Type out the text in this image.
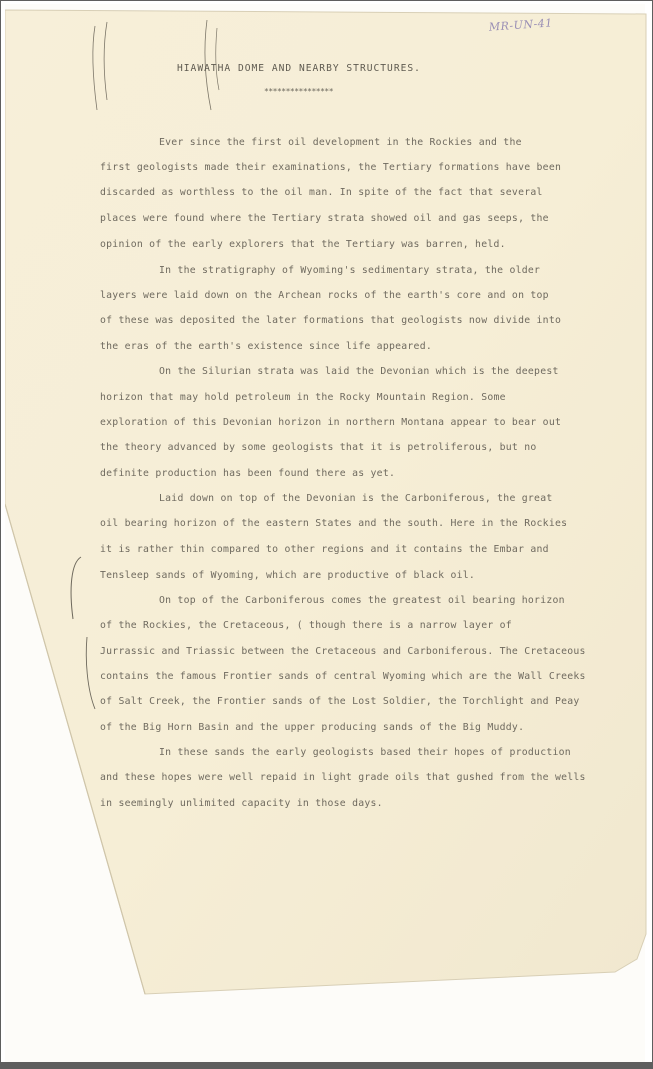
MR-UN-41
HIAWATHA DOME AND NEARBY STRUCTURES.
****************
Ever since the first oil development in the Rockies and the
first geologists made their examinations, the Tertiary formations have been
discarded as worthless to the oil man. In spite of the fact that several
places were found where the Tertiary strata showed oil and gas seeps, the
opinion of the early explorers that the Tertiary was barren, held.
In the stratigraphy of Wyoming's sedimentary strata, the older
layers were laid down on the Archean rocks of the earth's core and on top
of these was deposited the later formations that geologists now divide into
the eras of the earth's existence since life appeared.
On the Silurian strata was laid the Devonian which is the deepest
horizon that may hold petroleum in the Rocky Mountain Region. Some
exploration of this Devonian horizon in northern Montana appear to bear out
the theory advanced by some geologists that it is petroliferous, but no
definite production has been found there as yet.
Laid down on top of the Devonian is the Carboniferous, the great
oil bearing horizon of the eastern States and the south. Here in the Rockies
it is rather thin compared to other regions and it contains the Embar and
Tensleep sands of Wyoming, which are productive of black oil.
On top of the Carboniferous comes the greatest oil bearing horizon
of the Rockies, the Cretaceous, ( though there is a narrow layer of
Jurrassic and Triassic between the Cretaceous and Carboniferous. The Cretaceous
contains the famous Frontier sands of central Wyoming which are the Wall Creeks
of Salt Creek, the Frontier sands of the Lost Soldier, the Torchlight and Peay
of the Big Horn Basin and the upper producing sands of the Big Muddy.
In these sands the early geologists based their hopes of production
and these hopes were well repaid in light grade oils that gushed from the wells
in seemingly unlimited capacity in those days.
